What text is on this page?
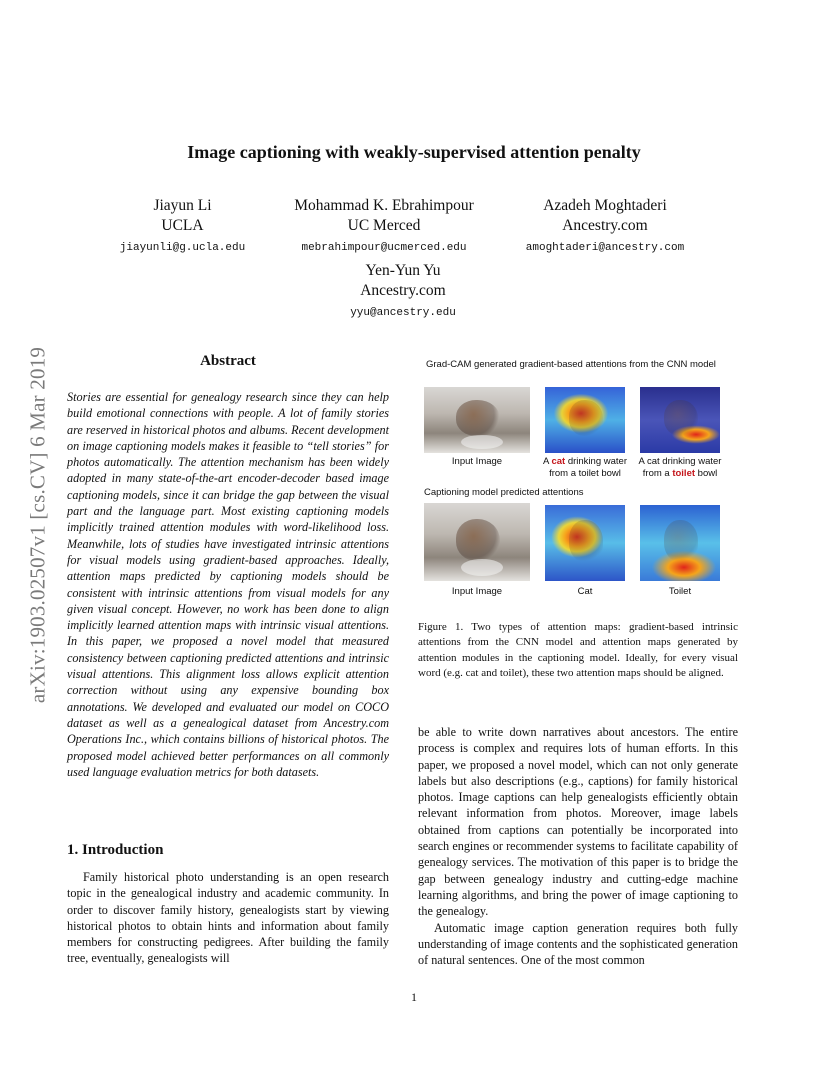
Image captioning with weakly-supervised attention penalty
Jiayun Li
UCLA
jiayunli@g.ucla.edu
Mohammad K. Ebrahimpour
UC Merced
mebrahimpour@ucmerced.edu
Azadeh Moghtaderi
Ancestry.com
amoghtaderi@ancestry.com
Yen-Yun Yu
Ancestry.com
yyu@ancestry.edu
arXiv:1903.02507v1 [cs.CV] 6 Mar 2019	Abstract
Stories are essential for genealogy research since they can help build emotional connections with people. A lot of family stories are reserved in historical photos and albums. Recent development on image captioning models makes it feasible to “tell stories” for photos automatically. The attention mechanism has been widely adopted in many state-of-the-art encoder-decoder based image captioning models, since it can bridge the gap between the visual part and the language part. Most existing captioning models implicitly trained attention modules with word-likelihood loss. Meanwhile, lots of studies have investigated intrinsic attentions for visual models using gradient-based approaches. Ideally, attention maps predicted by captioning models should be consistent with intrinsic attentions from visual models for any given visual concept. However, no work has been done to align implicitly learned attention maps with intrinsic visual attentions. In this paper, we proposed a novel model that measured consistency between captioning predicted attentions and intrinsic visual attentions. This alignment loss allows explicit attention correction without using any expensive bounding box annotations. We developed and evaluated our model on COCO dataset as well as a genealogical dataset from Ancestry.com Operations Inc., which contains billions of historical photos. The proposed model achieved better performances on all commonly used language evaluation metrics for both datasets.
1. Introduction
Family historical photo understanding is an open research topic in the genealogical industry and academic community. In order to discover family history, genealogists start by viewing historical photos to obtain hints and information about family members for constructing pedigrees. After building the family tree, eventually, genealogists will
Grad-CAM generated gradient-based attentions from the CNN model
Input Image	A cat drinking water
from a toilet bowl
A cat drinking water
from a toilet bowl
Captioning model predicted attentions
Input Image	Cat	Toilet
Figure 1. Two types of attention maps: gradient-based intrinsic attentions from the CNN model and attention maps generated by attention modules in the captioning model. Ideally, for every visual word (e.g. cat and toilet), these two attention maps should be aligned.

be able to write down narratives about ancestors. The entire process is complex and requires lots of human efforts. In this paper, we proposed a novel model, which can not only generate labels but also descriptions (e.g., captions) for family historical photos. Image captions can help genealogists efficiently obtain relevant information from photos. Moreover, image labels obtained from captions can potentially be incorporated into search engines or recommender systems to facilitate capability of genealogy services. The motivation of this paper is to bridge the gap between genealogy industry and cutting-edge machine learning algorithms, and bring the power of image captioning to the genealogy.

Automatic image caption generation requires both fully understanding of image contents and the sophisticated generation of natural sentences. One of the most common

1
